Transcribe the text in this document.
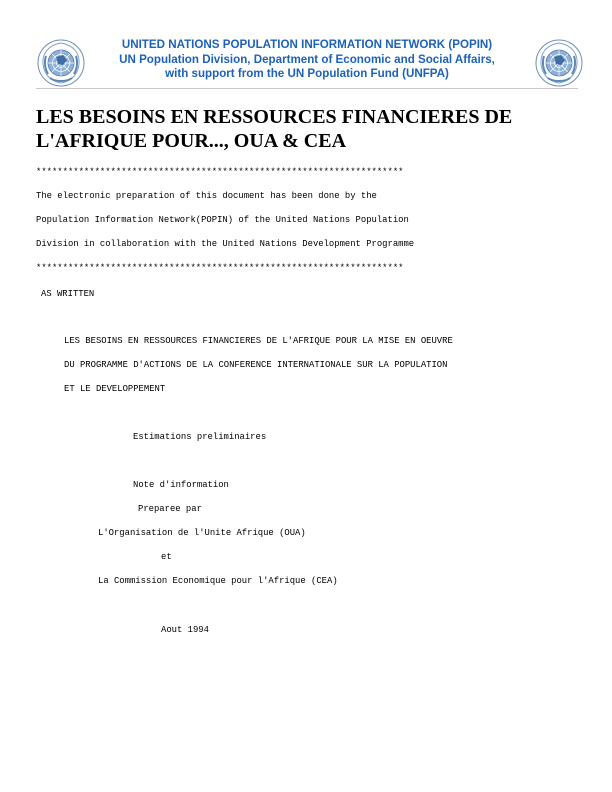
UNITED NATIONS POPULATION INFORMATION NETWORK (POPIN)
UN Population Division, Department of Economic and Social Affairs,
with support from the UN Population Fund (UNFPA)
LES BESOINS EN RESSOURCES FINANCIERES DE
L'AFRIQUE POUR..., OUA & CEA
*********************************************************************
The electronic preparation of this document has been done by the
Population Information Network(POPIN) of the United Nations Population
Division in collaboration with the United Nations Development Programme
*********************************************************************
AS WRITTEN
LES BESOINS EN RESSOURCES FINANCIERES DE L'AFRIQUE POUR LA MISE EN OEUVRE
DU PROGRAMME D'ACTIONS DE LA CONFERENCE INTERNATIONALE SUR LA POPULATION
ET LE DEVELOPPEMENT
Estimations preliminaires
Note d'information
Preparee par
L'Organisation de l'Unite Afrique (OUA)
et
La Commission Economique pour l'Afrique (CEA)
Aout 1994
